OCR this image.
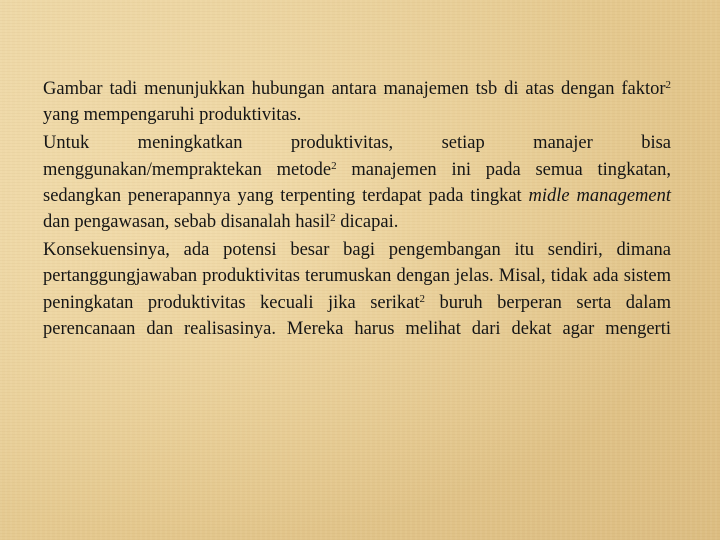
Gambar tadi menunjukkan hubungan antara manajemen tsb di atas dengan faktor$^2$ yang mempengaruhi produktivitas.

Untuk meningkatkan produktivitas, setiap manajer bisa menggunakan/mempraktekan metode$^2$ manajemen ini pada semua tingkatan, sedangkan penerapannya yang terpenting terdapat pada tingkat midle management dan pengawasan, sebab disanalah hasil$^2$ dicapai.

Konsekuensinya, ada potensi besar bagi pengembangan itu sendiri, dimana pertanggungjawaban produktivitas terumuskan dengan jelas. Misal, tidak ada sistem peningkatan produktivitas kecuali jika serikat$^2$ buruh berperan serta dalam perencanaan dan realisasinya. Mereka harus melihat dari dekat agar mengerti
